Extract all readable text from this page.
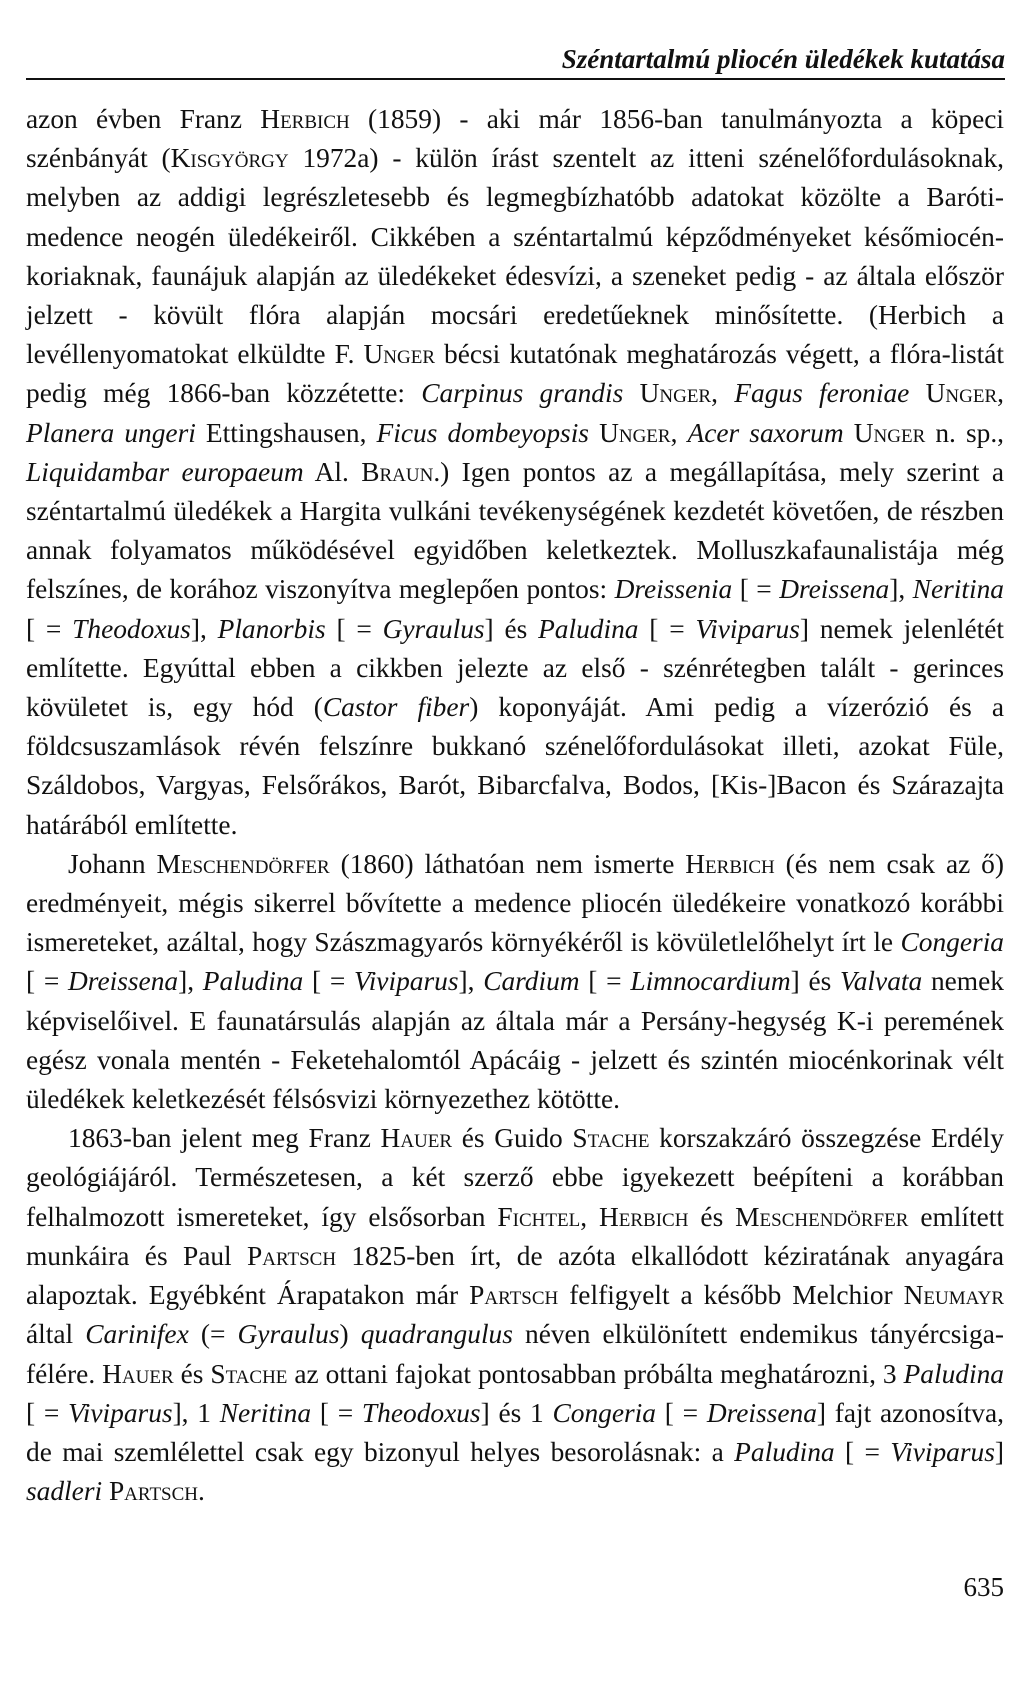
Széntartalmú pliocén üledékek kutatása

azon évben Franz Herbich (1859) - aki már 1856-ban tanulmányozta a köpeci szénbányát (Kisgyörgy 1972a) - külön írást szentelt az itteni szénelőfordulásoknak, melyben az addigi legrészletesebb és legmegbízhatóbb adatokat közölte a Baróti-medence neogén üledékeiről. Cikkében a széntartalmú képződményeket későmiocén-koriaknak, faunájuk alapján az üledékeket édesvízi, a szeneket pedig - az általa először jelzett - kövült flóra alapján mocsári eredetűeknek minősítette. (Herbich a levéllenyomatokat elküldte F. Unger bécsi kutatónak meghatározás végett, a flóra-listát pedig még 1866-ban közzétette: Carpinus grandis Unger, Fagus feroniae Unger, Planera ungeri Ettingshausen, Ficus dombeyopsis Unger, Acer saxorum Unger n. sp., Liquidambar europaeum Al. Braun.) Igen pontos az a megállapítása, mely szerint a széntartalmú üledékek a Hargita vulkáni tevékenységének kezdetét követően, de részben annak folyamatos működésével egyidőben keletkeztek. Molluszkafaunalistája még felszínes, de korához viszonyítva meglepően pontos: Dreissenia [ = Dreissena], Neritina [ = Theodoxus], Planorbis [ = Gyraulus] és Paludina [ = Viviparus] nemek jelenlétét említette. Egyúttal ebben a cikkben jelezte az első - szénrétegben talált - gerinces kövületet is, egy hód (Castor fiber) koponyáját. Ami pedig a vízerózió és a földcsuszamlások révén felszínre bukkanó szénelőfordulásokat illeti, azokat Füle, Száldobos, Vargyas, Felsőrákos, Barót, Bibarcfalva, Bodos, [Kis-]Bacon és Szárazajta határából említette.

Johann Meschendörfer (1860) láthatóan nem ismerte Herbich (és nem csak az ő) eredményeit, mégis sikerrel bővítette a medence pliocén üledékeire vonatkozó korábbi ismereteket, azáltal, hogy Szászmagyarós környékéről is kövületlelőhelyt írt le Congeria [ = Dreissena], Paludina [ = Viviparus], Cardium [ = Limnocardium] és Valvata nemek képviselőivel. E faunatársulás alapján az általa már a Persány-hegység K-i peremének egész vonala mentén - Feketehalomtól Apácáig - jelzett és szintén miocénkorinak vélt üledékek keletkezését félsósvizi környezethez kötötte.

1863-ban jelent meg Franz Hauer és Guido Stache korszakzáró összegzése Erdély geológiájáról. Természetesen, a két szerző ebbe igyekezett beépíteni a korábban felhalmozott ismereteket, így elsősorban Fichtel, Herbich és Meschendörfer említett munkáira és Paul Partsch 1825-ben írt, de azóta elkallódott kéziratának anyagára alapoztak. Egyébként Árapatakon már Partsch felfigyelt a később Melchior Neumayr által Carinifex (= Gyraulus) quadrangulus néven elkülönített endemikus tányércsiga-félére. Hauer és Stache az ottani fajokat pontosabban próbálta meghatározni, 3 Paludina [ = Viviparus], 1 Neritina [ = Theodoxus] és 1 Congeria [ = Dreissena] fajt azonosítva, de mai szemlélettel csak egy bizonyul helyes besorolásnak: a Paludina [ = Viviparus] sadleri Partsch.

635
